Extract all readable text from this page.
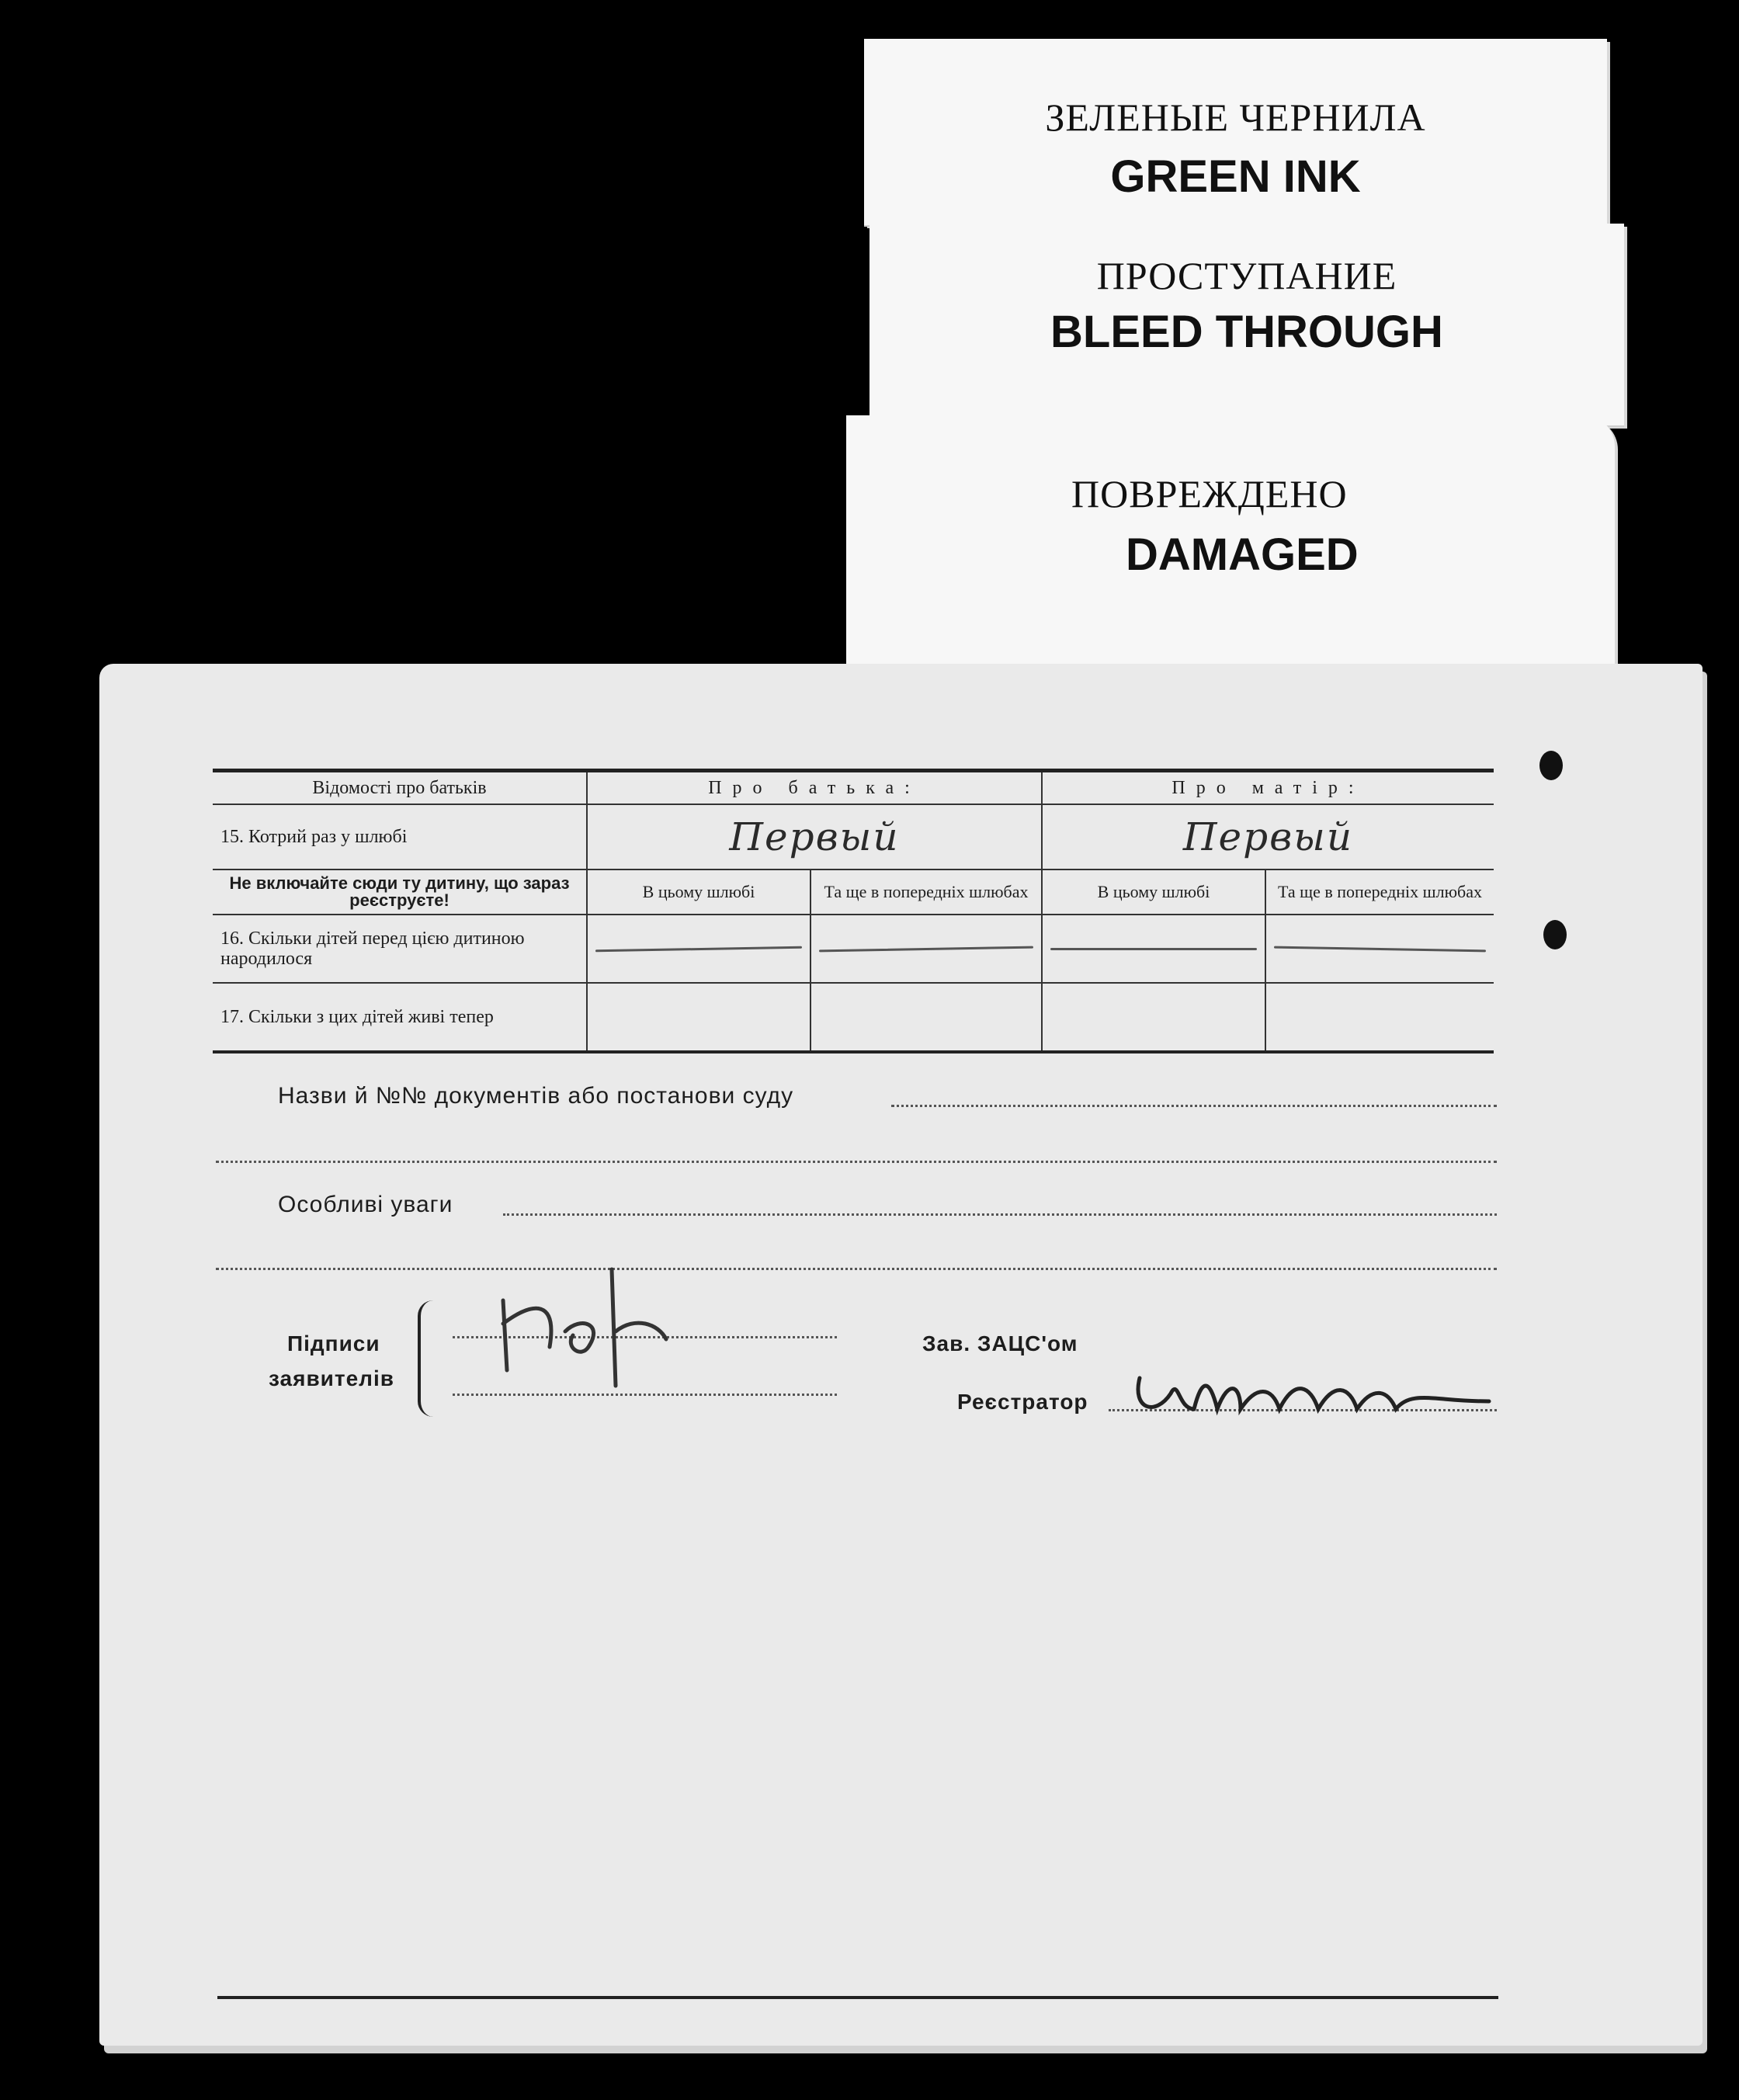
ЗЕЛЕНЫЕ ЧЕРНИЛА
GREEN INK
ПРОСТУПАНИЕ
BLEED THROUGH
ПОВРЕЖДЕНО
DAMAGED
Відомості про батьків	Про батька:		Про матір:	
15. Котрий раз у шлюбі	Первый		Первый	
Не включайте сюди ту дитину, що зараз реєструєте!	В цьому шлюбі	Та ще в попередніх шлюбах	В цьому шлюбі	Та ще в попередніх шлюбах
16. Скільки дітей перед цією дитиною народилося	

17. Скільки з цих дітей живі тепер				
Назви й №№ документів або постанови суду
Особливі уваги
Підписи
заявителів
Зав. ЗАЦС'ом
Реєстратор
